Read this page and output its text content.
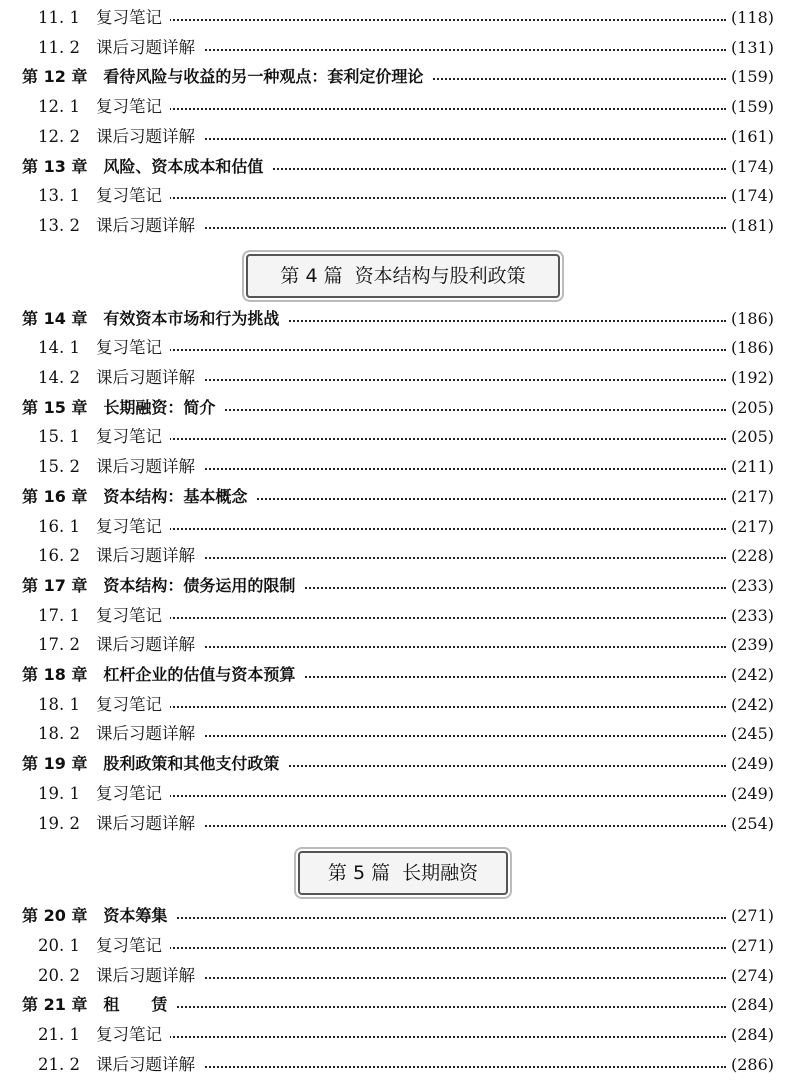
11. 1 复习笔记	(118)
11. 2 课后习题详解	(131)
第 12 章 看待风险与收益的另一种观点：套利定价理论	(159)
12. 1 复习笔记	(159)
12. 2 课后习题详解	(161)
第 13 章 风险、资本成本和估值	(174)
13. 1 复习笔记	(174)
13. 2 课后习题详解	(181)
第 4 篇 资本结构与股利政策
第 14 章 有效资本市场和行为挑战	(186)
14. 1 复习笔记	(186)
14. 2 课后习题详解	(192)
第 15 章 长期融资：简介	(205)
15. 1 复习笔记	(205)
15. 2 课后习题详解	(211)
第 16 章 资本结构：基本概念	(217)
16. 1 复习笔记	(217)
16. 2 课后习题详解	(228)
第 17 章 资本结构：债务运用的限制	(233)
17. 1 复习笔记	(233)
17. 2 课后习题详解	(239)
第 18 章 杠杆企业的估值与资本预算	(242)
18. 1 复习笔记	(242)
18. 2 课后习题详解	(245)
第 19 章 股利政策和其他支付政策	(249)
19. 1 复习笔记	(249)
19. 2 课后习题详解	(254)
第 5 篇 长期融资
第 20 章 资本筹集	(271)
20. 1 复习笔记	(271)
20. 2 课后习题详解	(274)
第 21 章 租　　赁	(284)
21. 1 复习笔记	(284)
21. 2 课后习题详解	(286)
